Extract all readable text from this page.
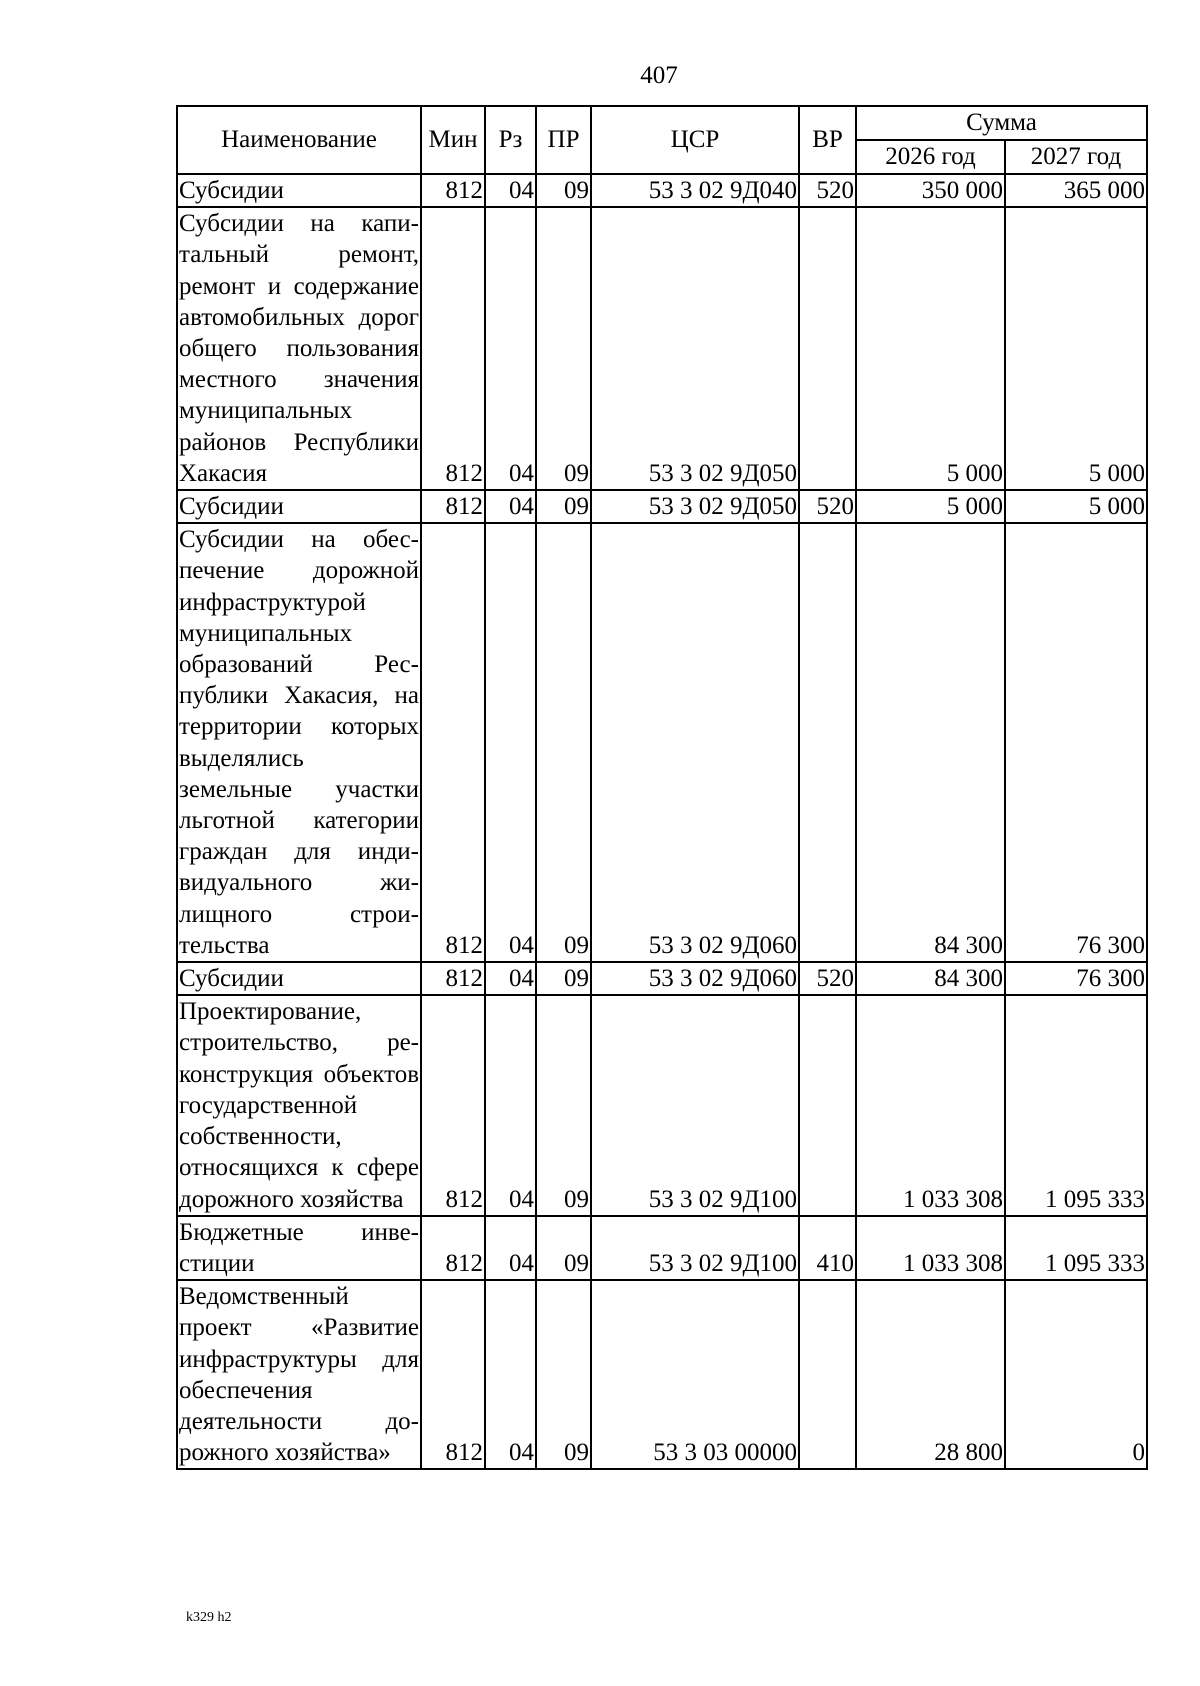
407
Наименование	Мин	Рз	ПР	ЦСР	ВР	Сумма	
						2026 год	2027 год
Субсидии	812	04	09	53 3 02 9Д040	520	350 000	365 000
Субсидии на капитальный ремонт, ремонт и содержание автомобильных дорог общего пользования местного значения муниципальных районов Республики Хакасия	812	04	09	53 3 02 9Д050		5 000	5 000
Субсидии	812	04	09	53 3 02 9Д050	520	5 000	5 000
Субсидии на обеспечение дорожной инфраструктурой муниципальных образований Республики Хакасия, на территории которых выделялись земельные участки льготной категории граждан для индивидуального жилищного строительства	812	04	09	53 3 02 9Д060		84 300	76 300
Субсидии	812	04	09	53 3 02 9Д060	520	84 300	76 300
Проектирование, строительство, реконструкция объектов государственной собственности, относящихся к сфере дорожного хозяйства	812	04	09	53 3 02 9Д100		1 033 308	1 095 333
Бюджетные инвестиции	812	04	09	53 3 02 9Д100	410	1 033 308	1 095 333
Ведомственный проект «Развитие инфраструктуры для обеспечения деятельности дорожного хозяйства»	812	04	09	53 3 03 00000		28 800	0
k329 h2
